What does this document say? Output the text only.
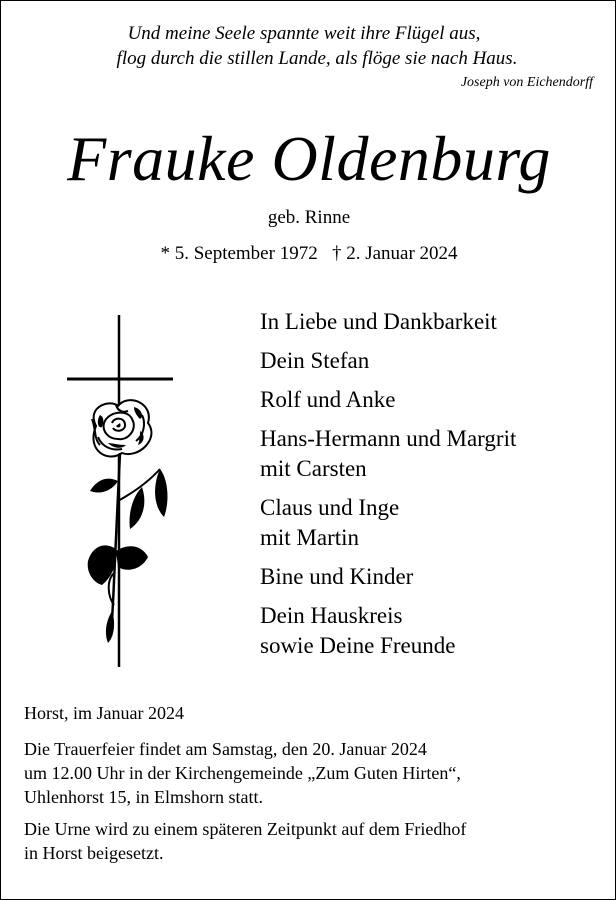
Und meine Seele spannte weit ihre Flügel aus,
flog durch die stillen Lande, als flöge sie nach Haus.
Joseph von Eichendorff
Frauke Oldenburg
geb. Rinne
* 5. September 1972 † 2. Januar 2024
In Liebe und Dankbarkeit
Dein Stefan
Rolf und Anke
Hans-Hermann und Margrit
mit Carsten
Claus und Inge
mit Martin
Bine und Kinder
Dein Hauskreis
sowie Deine Freunde
Horst, im Januar 2024
Die Trauerfeier findet am Samstag, den 20. Januar 2024
um 12.00 Uhr in der Kirchengemeinde „Zum Guten Hirten“,
Uhlenhorst 15, in Elmshorn statt.
Die Urne wird zu einem späteren Zeitpunkt auf dem Friedhof
in Horst beigesetzt.
